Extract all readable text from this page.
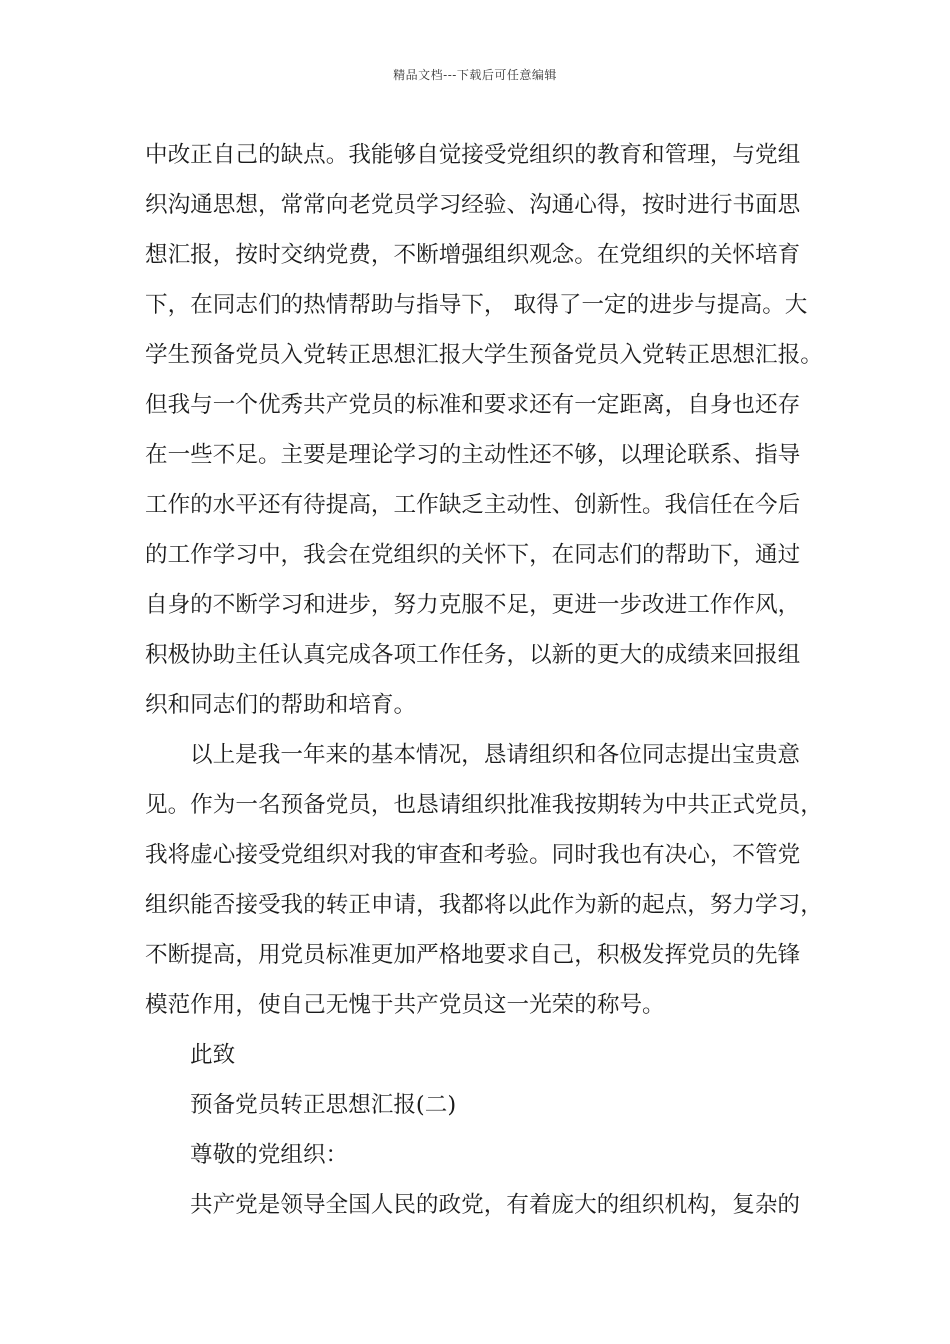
精品文档---下载后可任意编辑
中改正自己的缺点。我能够自觉接受党组织的教育和管理，与党组
织沟通思想，常常向老党员学习经验、沟通心得，按时进行书面思
想汇报，按时交纳党费，不断增强组织观念。在党组织的关怀培育
下，在同志们的热情帮助与指导下， 取得了一定的进步与提高。大
学生预备党员入党转正思想汇报大学生预备党员入党转正思想汇报。
但我与一个优秀共产党员的标准和要求还有一定距离，自身也还存
在一些不足。主要是理论学习的主动性还不够，以理论联系、指导
工作的水平还有待提高，工作缺乏主动性、创新性。我信任在今后
的工作学习中，我会在党组织的关怀下，在同志们的帮助下，通过
自身的不断学习和进步，努力克服不足，更进一步改进工作作风，
积极协助主任认真完成各项工作任务，以新的更大的成绩来回报组
织和同志们的帮助和培育。
以上是我一年来的基本情况，恳请组织和各位同志提出宝贵意
见。作为一名预备党员，也恳请组织批准我按期转为中共正式党员，
我将虚心接受党组织对我的审查和考验。同时我也有决心，不管党
组织能否接受我的转正申请，我都将以此作为新的起点，努力学习，
不断提高，用党员标准更加严格地要求自己，积极发挥党员的先锋
模范作用，使自己无愧于共产党员这一光荣的称号。
此致
预备党员转正思想汇报(二)
尊敬的党组织：
共产党是领导全国人民的政党，有着庞大的组织机构，复杂的
